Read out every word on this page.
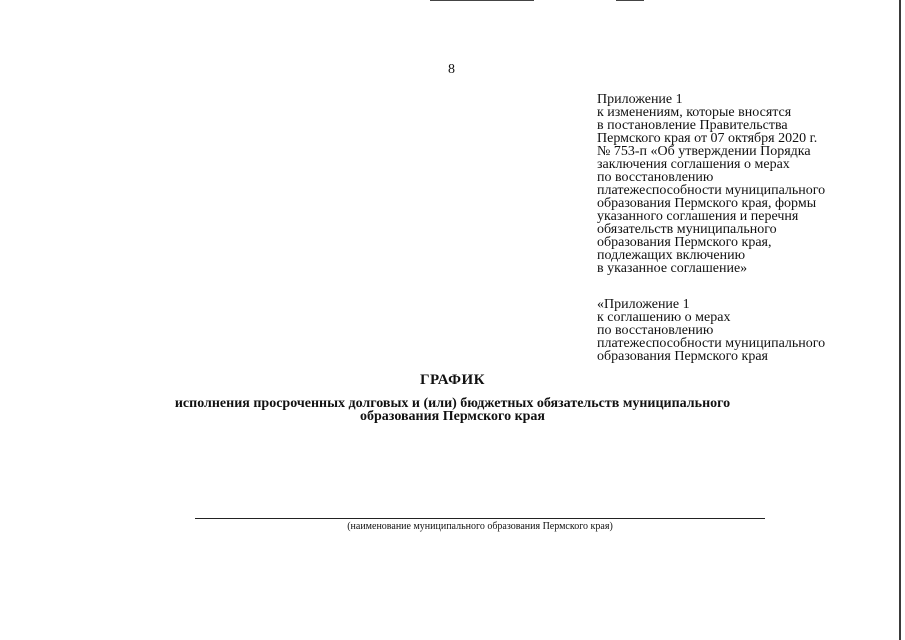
8
Приложение 1
к изменениям, которые вносятся
в постановление Правительства
Пермского края от 07 октября 2020 г.
№ 753-п «Об утверждении Порядка
заключения соглашения о мерах
по восстановлению
платежеспособности муниципального
образования Пермского края, формы
указанного соглашения и перечня
обязательств муниципального
образования Пермского края,
подлежащих включению
в указанное соглашение»
«Приложение 1
к соглашению о мерах
по восстановлению
платежеспособности муниципального
образования Пермского края
ГРАФИК
исполнения просроченных долговых и (или) бюджетных обязательств муниципального
образования Пермского края
(наименование муниципального образования Пермского края)
